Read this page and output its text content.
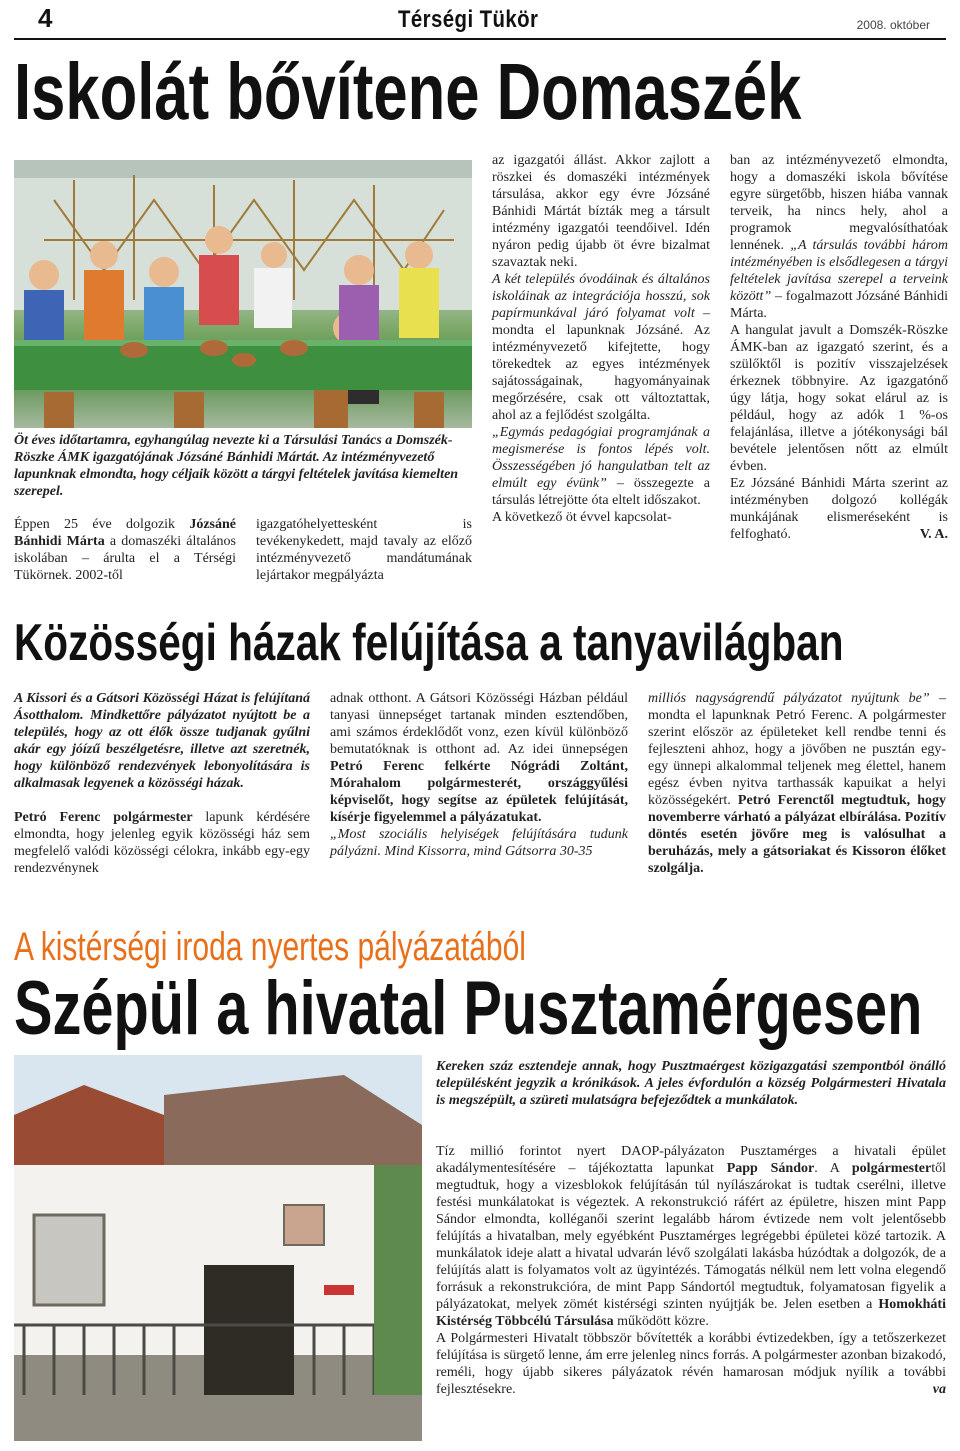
4	Térségi Tükör	2008. október
Iskolát bővítene Domaszék

Öt éves időtartamra, egyhangúlag nevezte ki a Társulási Tanács a Domszék-Röszke ÁMK igazgatójának Józsáné Bánhidi Mártát. Az intézményvezető lapunknak elmondta, hogy céljaik között a tárgyi feltételek javítása kiemelten szerepel.

Éppen 25 éve dolgozik Józsáné Bánhidi Márta a domaszéki általános iskolában – árulta el a Térségi Tükörnek. 2002-től

igazgatóhelyettesként is tevékenykedett, majd tavaly az előző intézményvezető mandátumának lejártakor megpályázta

az igazgatói állást. Akkor zajlott a röszkei és domaszéki intézmények társulása, akkor egy évre Józsáné Bánhidi Mártát bízták meg a társult intézmény igazgatói teendőivel. Idén nyáron pedig újabb öt évre bizalmat szavaztak neki.

A két település óvodáinak és általános iskoláinak az integrációja hosszú, sok papírmunkával járó folyamat volt – mondta el lapunknak Józsáné. Az intézményvezető kifejtette, hogy törekedtek az egyes intézmények sajátosságainak, hagyományainak megőrzésére, csak ott változtattak, ahol az a fejlődést szolgálta.

„Egymás pedagógiai programjának a megismerése is fontos lépés volt. Összességében jó hangulatban telt az elmúlt egy évünk” – összegezte a társulás létrejötte óta eltelt időszakot.

A következő öt évvel kapcsolat-

ban az intézményvezető elmondta, hogy a domaszéki iskola bővítése egyre sürgetőbb, hiszen hiába vannak terveik, ha nincs hely, ahol a programok megvalósíthatóak lennének. „A társulás további három intézményében is elsődlegesen a tárgyi feltételek javítása szerepel a terveink között” – fogalmazott Józsáné Bánhidi Márta.

A hangulat javult a Domszék-Röszke ÁMK-ban az igazgató szerint, és a szülőktől is pozitív visszajelzések érkeznek többnyire. Az igazgatónő úgy látja, hogy sokat elárul az is például, hogy az adók 1 %-os felajánlása, illetve a jótékonysági bál bevétele jelentősen nőtt az elmúlt évben.

Ez Józsáné Bánhidi Márta szerint az intézményben dolgozó kollégák munkájának elismeréseként is felfogható.	V. A.

Közösségi házak felújítása a tanyavilágban

A Kissori és a Gátsori Közösségi Házat is felújítaná Ásotthalom. Mindkettőre pályázatot nyújtott be a település, hogy az ott élők össze tudjanak gyűlni akár egy jóízű beszélgetésre, illetve azt szeretnék, hogy különböző rendezvények lebonyolítására is alkalmasak legyenek a közösségi házak.

Petró Ferenc polgármester lapunk kérdésére elmondta, hogy jelenleg egyik közösségi ház sem megfelelő valódi közösségi célokra, inkább egy-egy rendezvénynek

adnak otthont. A Gátsori Közösségi Házban például tanyasi ünnepséget tartanak minden esztendőben, ami számos érdeklődőt vonz, ezen kívül különböző bemutatóknak is otthont ad. Az idei ünnepségen Petró Ferenc felkérte Nógrádi Zoltánt, Mórahalom polgármesterét, országgyűlési képviselőt, hogy segítse az épületek felújítását, kísérje figyelemmel a pályázatukat.

„Most szociális helyiségek felújítására tudunk pályázni. Mind Kissorra, mind Gátsorra 30-35

milliós nagyságrendű pályázatot nyújtunk be” – mondta el lapunknak Petró Ferenc. A polgármester szerint először az épületeket kell rendbe tenni és fejleszteni ahhoz, hogy a jövőben ne pusztán egy-egy ünnepi alkalommal teljenek meg élettel, hanem egész évben nyitva tarthassák kapuikat a helyi közösségekért. Petró Ferenctől megtudtuk, hogy novemberre várható a pályázat elbírálása. Pozitív döntés esetén jövőre meg is valósulhat a beruházás, mely a gátsoriakat és Kissoron élőket szolgálja.

A kistérségi iroda nyertes pályázatából
Szépül a hivatal Pusztamérgesen

Kereken száz esztendeje annak, hogy Pusztmaérgest közigazgatási szempontból önálló településként jegyzik a krónikások. A jeles évfordulón a község Polgármesteri Hivatala is megszépült, a szüreti mulatságra befejeződtek a munkálatok.

Tíz millió forintot nyert DAOP-pályázaton Pusztamérges a hivatali épület akadálymentesítésére – tájékoztatta lapunkat Papp Sándor. A polgármestertől megtudtuk, hogy a vizesblokok felújításán túl nyílászárokat is tudtak cserélni, illetve festési munkálatokat is végeztek. A rekonstrukció ráfért az épületre, hiszen mint Papp Sándor elmondta, kolléganői szerint legalább három évtizede nem volt jelentősebb felújítás a hivatalban, mely egyébként Pusztamérges legrégebbi épületei közé tartozik. A munkálatok ideje alatt a hivatal udvarán lévő szolgálati lakásba húzódtak a dolgozók, de a felújítás alatt is folyamatos volt az ügyintézés. Támogatás nélkül nem lett volna elegendő forrásuk a rekonstrukcióra, de mint Papp Sándortól megtudtuk, folyamatosan figyelik a pályázatokat, melyek zömét kistérségi szinten nyújtják be. Jelen esetben a Homokháti Kistérség Többcélú Társulása működött közre.

A Polgármesteri Hivatalt többször bővítették a korábbi évtizedekben, így a tetőszerkezet felújítása is sürgető lenne, ám erre jelenleg nincs forrás. A polgármester azonban bizakodó, reméli, hogy újabb sikeres pályázatok révén hamarosan módjuk nyílik a további fejlesztésekre.	va
